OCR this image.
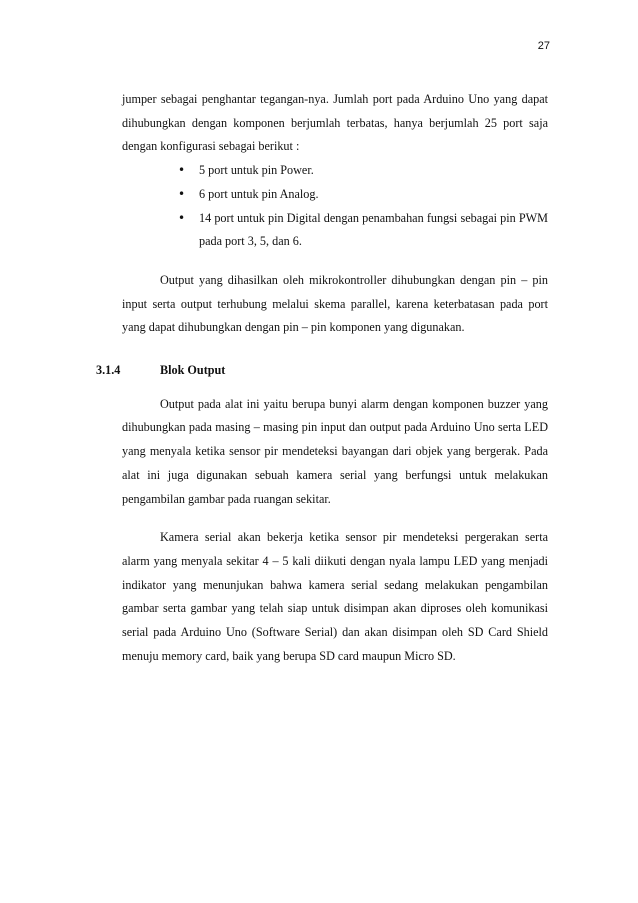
27

jumper sebagai penghantar tegangan-nya. Jumlah port pada Arduino Uno yang dapat dihubungkan dengan komponen berjumlah terbatas, hanya berjumlah 25 port saja dengan konfigurasi sebagai berikut :

• 5 port untuk pin Power.
• 6 port untuk pin Analog.
• 14 port untuk pin Digital dengan penambahan fungsi sebagai pin PWM pada port 3, 5, dan 6.

Output yang dihasilkan oleh mikrokontroller dihubungkan dengan pin – pin input serta output terhubung melalui skema parallel, karena keterbatasan pada port yang dapat dihubungkan dengan pin – pin komponen yang digunakan.

3.1.4	Blok Output

Output pada alat ini yaitu berupa bunyi alarm dengan komponen buzzer yang dihubungkan pada masing – masing pin input dan output pada Arduino Uno serta LED yang menyala ketika sensor pir mendeteksi bayangan dari objek yang bergerak. Pada alat ini juga digunakan sebuah kamera serial yang berfungsi untuk melakukan pengambilan gambar pada ruangan sekitar.

Kamera serial akan bekerja ketika sensor pir mendeteksi pergerakan serta alarm yang menyala sekitar 4 – 5 kali diikuti dengan nyala lampu LED yang menjadi indikator yang menunjukan bahwa kamera serial sedang melakukan pengambilan gambar serta gambar yang telah siap untuk disimpan akan diproses oleh komunikasi serial pada Arduino Uno (Software Serial) dan akan disimpan oleh SD Card Shield menuju memory card, baik yang berupa SD card maupun Micro SD.
